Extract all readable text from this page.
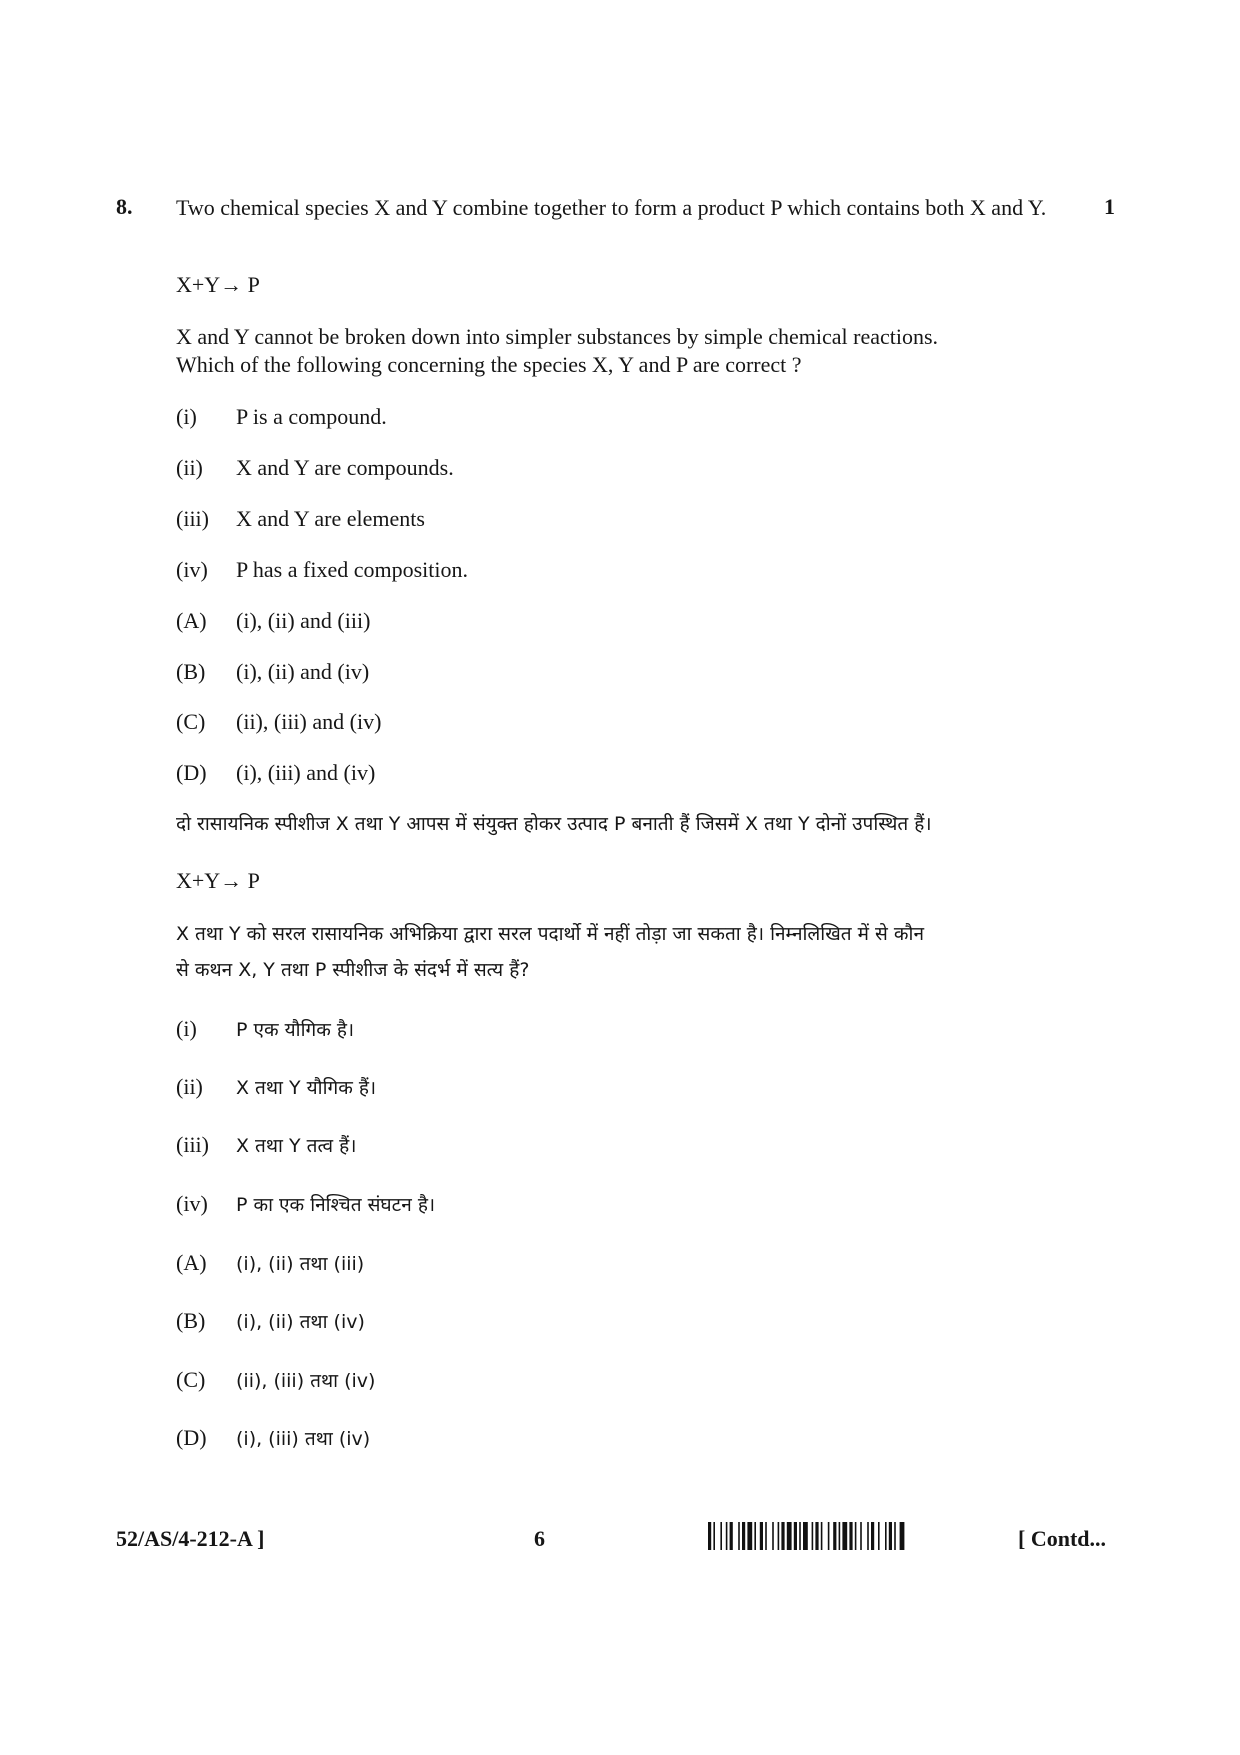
8.	1
Two chemical species X and Y combine together to form a product P which contains both X and Y.
X+Y→ P
X and Y cannot be broken down into simpler substances by simple chemical reactions.
Which of the following concerning the species X, Y and P are correct ?
(i) P is a compound.
(ii) X and Y are compounds.
(iii) X and Y are elements
(iv) P has a fixed composition.
(A) (i), (ii) and (iii)
(B) (i), (ii) and (iv)
(C) (ii), (iii) and (iv)
(D) (i), (iii) and (iv)
दो रासायनिक स्पीशीज X तथा Y आपस में संयुक्त होकर उत्पाद P बनाती हैं जिसमें X तथा Y दोनों उपस्थित हैं।
X+Y→ P
X तथा Y को सरल रासायनिक अभिक्रिया द्वारा सरल पदार्थो में नहीं तोड़ा जा सकता है। निम्नलिखित में से कौन
से कथन X, Y तथा P स्पीशीज के संदर्भ में सत्य हैं?
(i) P एक यौगिक है।
(ii) X तथा Y यौगिक हैं।
(iii) X तथा Y तत्व हैं।
(iv) P का एक निश्चित संघटन है।
(A) (i), (ii) तथा (iii)
(B) (i), (ii) तथा (iv)
(C) (ii), (iii) तथा (iv)
(D) (i), (iii) तथा (iv)
52/AS/4-212-A ]	6	[ Contd...
